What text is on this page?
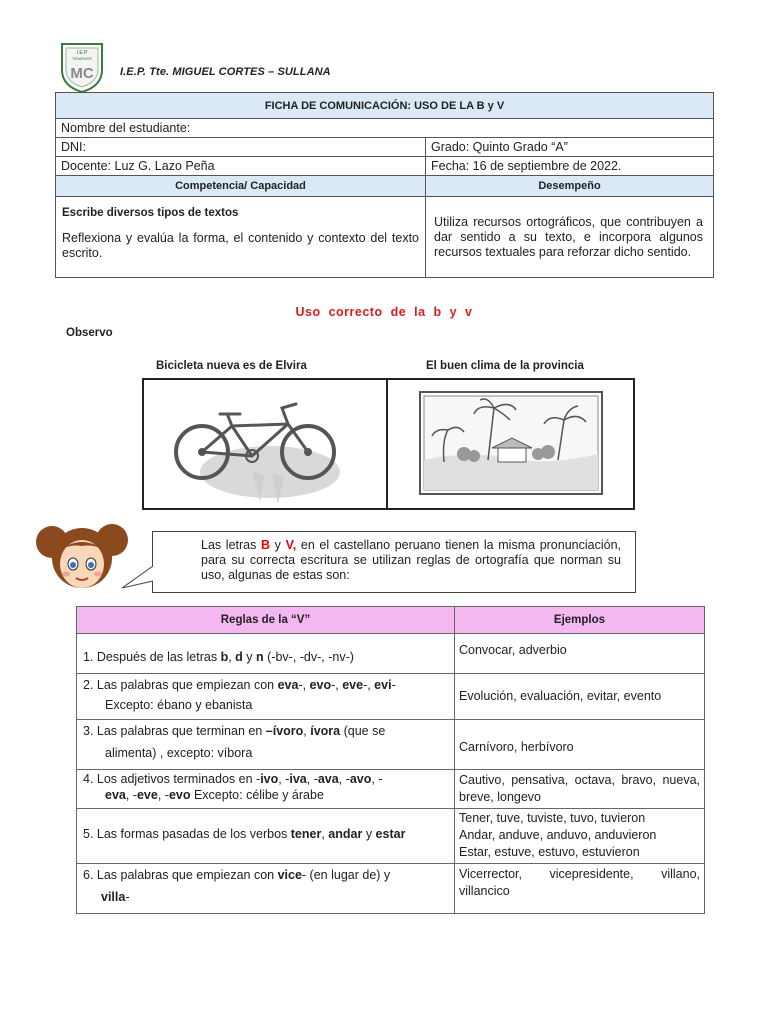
I.E.P
TENIENTE
MC I.E.P. Tte. MIGUEL CORTES – SULLANA
FICHA DE COMUNICACIÓN: USO DE LA B y V	
Nombre del estudiante:	
DNI:	Grado: Quinto Grado “A”
Docente: Luz G. Lazo Peña	Fecha: 16 de septiembre de 2022.
Competencia/ Capacidad	Desempeño

Escribe diversos tipos de textos
Reflexiona y evalúa la forma, el contenido y contexto del texto escrito.	Utiliza recursos ortográficos, que contribuyen a dar sentido a su texto, e incorpora algunos recursos textuales para reforzar dicho sentido.
Uso correcto de la b y v
Observo
Bicicleta nueva es de Elvira	El buen clima de la provincia
Las letras B y V, en el castellano peruano tienen la misma pronunciación, para su correcta escritura se utilizan reglas de ortografía que norman su uso, algunas de estas son:
Reglas de la “V”	Ejemplos

1. Después de las letras b, d y n (-bv-, -dv-, -nv-)	Convocar, adverbio

2. Las palabras que empiezan con eva-, evo-, eve-, evi-
Excepto: ébano y ebanista	Evolución, evaluación, evitar, evento

3. Las palabras que terminan en –ívoro, ívora (que se
alimenta) , excepto: víbora	Carnívoro, herbívoro

4. Los adjetivos terminados en -ivo, -iva, -ava, -avo, -
eva, -eve, -evo Excepto: célibe y árabe	Cautivo, pensativa, octava, bravo, nueva, breve, longevo

5. Las formas pasadas de los verbos tener, andar y estar	Tener, tuve, tuviste, tuvo, tuvieron
Andar, anduve, anduvo, anduvieron
Estar, estuve, estuvo, estuvieron

6. Las palabras que empiezan con vice- (en lugar de) y
villa-	Vicerrector, vicepresidente, villano, villancico
